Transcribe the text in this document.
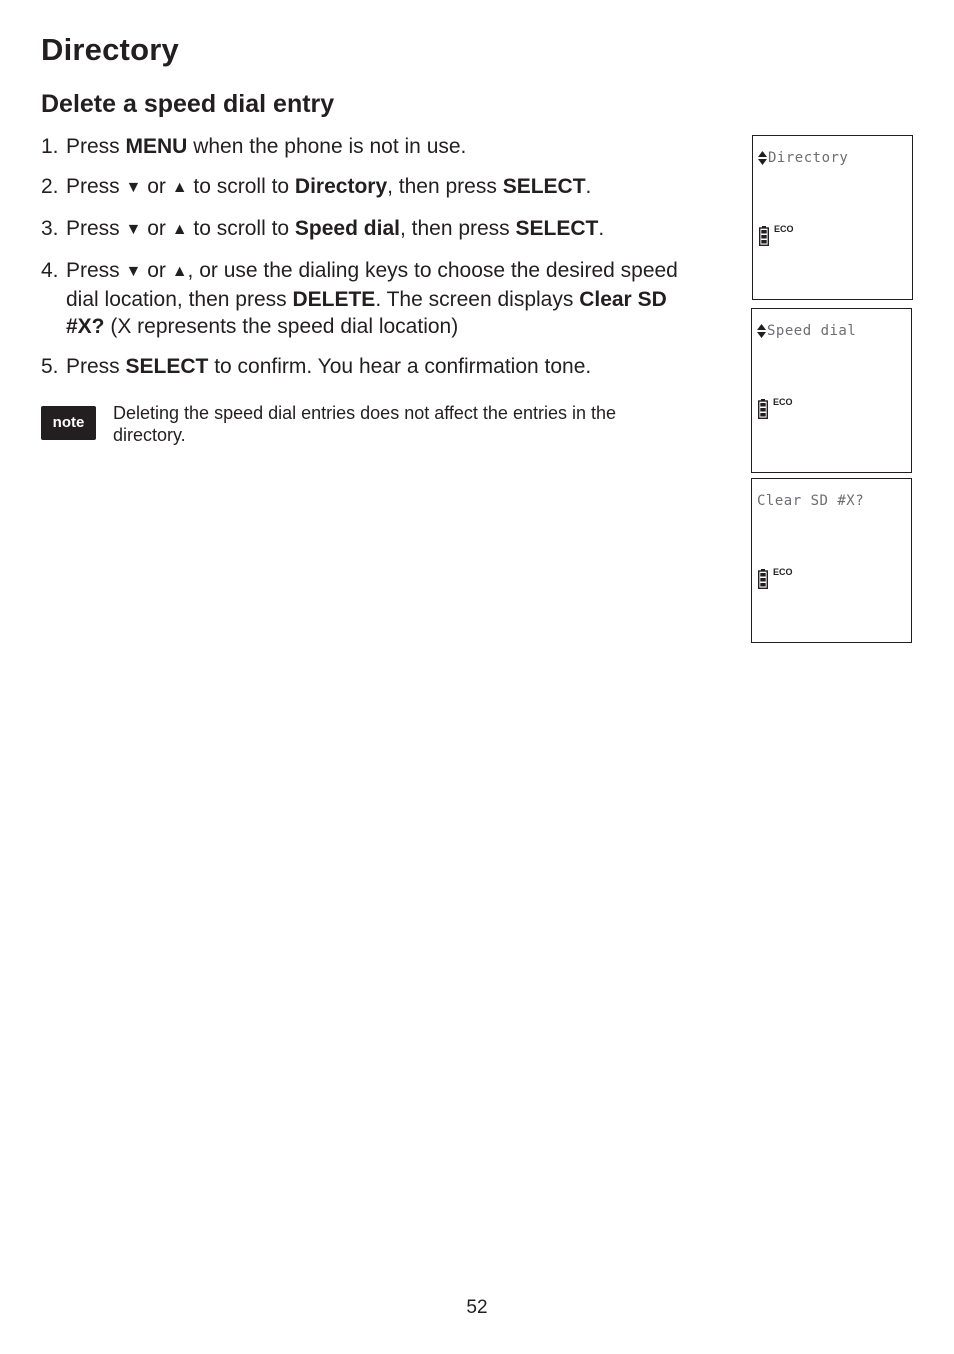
Directory
Delete a speed dial entry
1. Press MENU when the phone is not in use.
2. Press ▼ or ▲ to scroll to Directory, then press SELECT.
3. Press ▼ or ▲ to scroll to Speed dial, then press SELECT.
4. Press ▼ or ▲, or use the dialing keys to choose the desired speed dial location, then press DELETE. The screen displays Clear SD #X? (X represents the speed dial location)
5. Press SELECT to confirm. You hear a confirmation tone.
note	Deleting the speed dial entries does not affect the entries in the directory.

Directory
ECO
Speed dial
ECO
Clear SD #X?
ECO
52
